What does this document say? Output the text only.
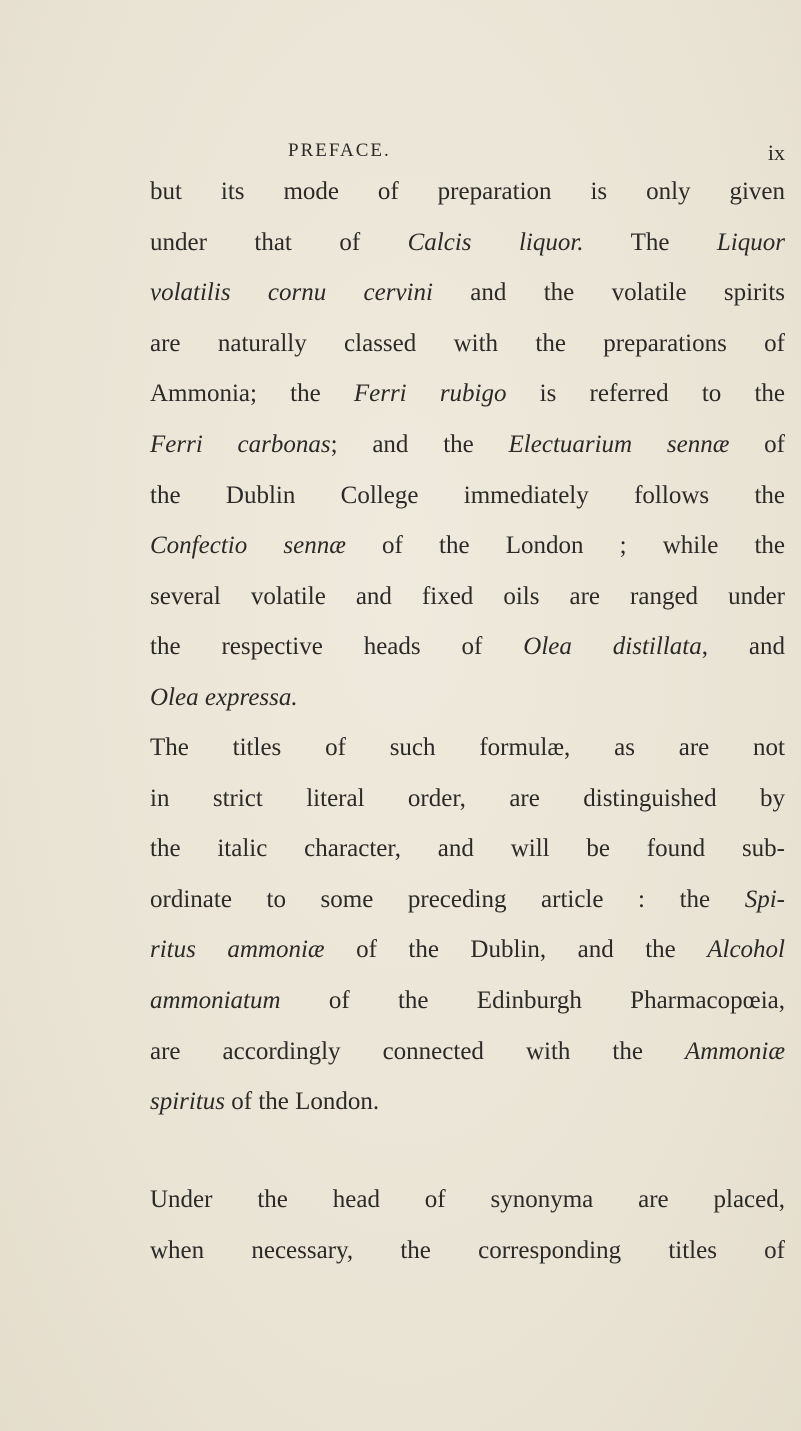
PREFACE.	ix
but its mode of preparation is only given
under that of Calcis liquor. The Liquor
volatilis cornu cervini and the volatile spirits
are naturally classed with the preparations of
Ammonia; the Ferri rubigo is referred to the
Ferri carbonas; and the Electuarium sennæ of
the Dublin College immediately follows the
Confectio sennæ of the London ; while the
several volatile and fixed oils are ranged under
the respective heads of Olea distillata, and
Olea expressa.
The titles of such formulæ, as are not
in strict literal order, are distinguished by
the italic character, and will be found sub-
ordinate to some preceding article : the Spi-
ritus ammoniæ of the Dublin, and the Alcohol
ammoniatum of the Edinburgh Pharmacopœia,
are accordingly connected with the Ammoniæ
spiritus of the London.
Under the head of synonyma are placed,
when necessary, the corresponding titles of
